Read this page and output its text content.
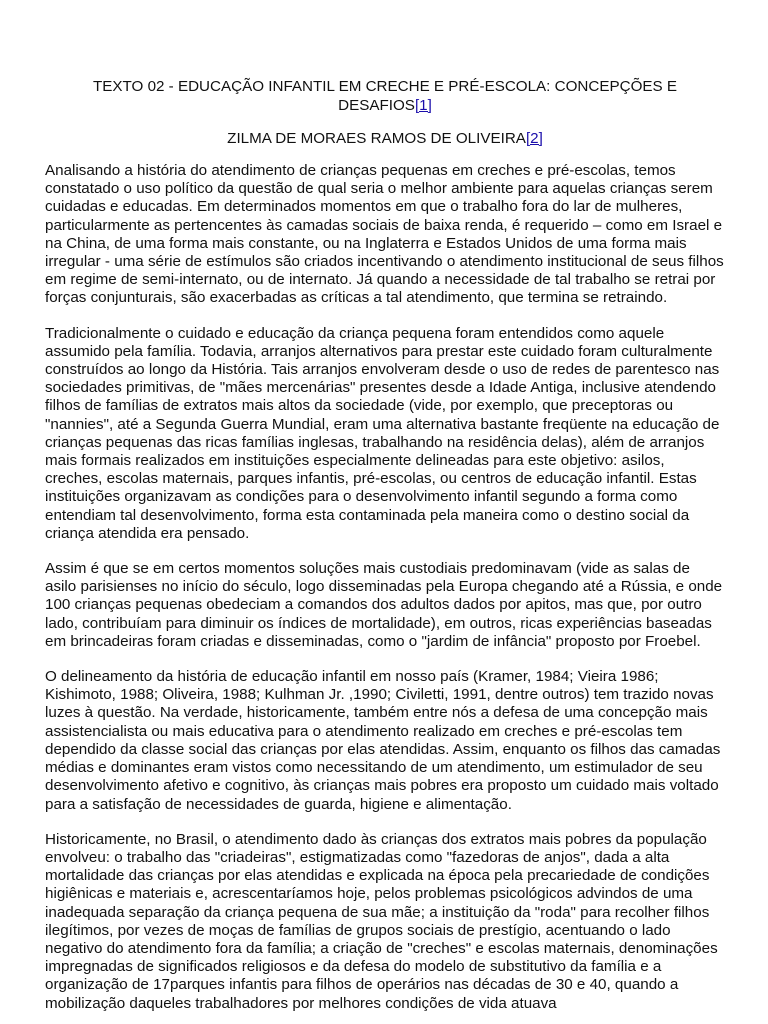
TEXTO 02 - EDUCAÇÃO INFANTIL EM CRECHE E PRÉ-ESCOLA: CONCEPÇÕES E DESAFIOS[1]

ZILMA DE MORAES RAMOS DE OLIVEIRA[2]

Analisando a história do atendimento de crianças pequenas em creches e pré-escolas, temos constatado o uso político da questão de qual seria o melhor ambiente para aquelas crianças serem cuidadas e educadas. Em determinados momentos em que o trabalho fora do lar de mulheres, particularmente as pertencentes às camadas sociais de baixa renda, é requerido – como em Israel e na China, de uma forma mais constante, ou na Inglaterra e Estados Unidos de uma forma mais irregular - uma série de estímulos são criados incentivando o atendimento institucional de seus filhos em regime de semi-internato, ou de internato. Já quando a necessidade de tal trabalho se retrai por forças conjunturais, são exacerbadas as críticas a tal atendimento, que termina se retraindo.

Tradicionalmente o cuidado e educação da criança pequena foram entendidos como aquele assumido pela família. Todavia, arranjos alternativos para prestar este cuidado foram culturalmente construídos ao longo da História. Tais arranjos envolveram desde o uso de redes de parentesco nas sociedades primitivas, de "mães mercenárias" presentes desde a Idade Antiga, inclusive atendendo filhos de famílias de extratos mais altos da sociedade (vide, por exemplo, que preceptoras ou "nannies", até a Segunda Guerra Mundial, eram uma alternativa bastante freqüente na educação de crianças pequenas das ricas famílias inglesas, trabalhando na residência delas), além de arranjos mais formais realizados em instituições especialmente delineadas para este objetivo: asilos, creches, escolas maternais, parques infantis, pré-escolas, ou centros de educação infantil. Estas instituições organizavam as condições para o desenvolvimento infantil segundo a forma como entendiam tal desenvolvimento, forma esta contaminada pela maneira como o destino social da criança atendida era pensado.

Assim é que se em certos momentos soluções mais custodiais predominavam (vide as salas de asilo parisienses no início do século, logo disseminadas pela Europa chegando até a Rússia, e onde 100 crianças pequenas obedeciam a comandos dos adultos dados por apitos, mas que, por outro lado, contribuíam para diminuir os índices de mortalidade), em outros, ricas experiências baseadas em brincadeiras foram criadas e disseminadas, como o "jardim de infância" proposto por Froebel.

O delineamento da história de educação infantil em nosso país (Kramer, 1984; Vieira 1986; Kishimoto, 1988; Oliveira, 1988; Kulhman Jr. ,1990; Civiletti, 1991, dentre outros) tem trazido novas luzes à questão. Na verdade, historicamente, também entre nós a defesa de uma concepção mais assistencialista ou mais educativa para o atendimento realizado em creches e pré-escolas tem dependido da classe social das crianças por elas atendidas. Assim, enquanto os filhos das camadas médias e dominantes eram vistos como necessitando de um atendimento, um estimulador de seu desenvolvimento afetivo e cognitivo, às crianças mais pobres era proposto um cuidado mais voltado para a satisfação de necessidades de guarda, higiene e alimentação.

Historicamente, no Brasil, o atendimento dado às crianças dos extratos mais pobres da população envolveu: o trabalho das "criadeiras", estigmatizadas como "fazedoras de anjos", dada a alta mortalidade das crianças por elas atendidas e explicada na época pela precariedade de condições higiênicas e materiais e, acrescentaríamos hoje, pelos problemas psicológicos advindos de uma inadequada separação da criança pequena de sua mãe; a instituição da "roda" para recolher filhos ilegítimos, por vezes de moças de famílias de grupos sociais de prestígio, acentuando o lado negativo do atendimento fora da família; a criação de "creches" e escolas maternais, denominações impregnadas de significados religiosos e da defesa do modelo de substitutivo da família e a organização de 17parques infantis para filhos de operários nas décadas de 30 e 40, quando a mobilização daqueles trabalhadores por melhores condições de vida atuava
